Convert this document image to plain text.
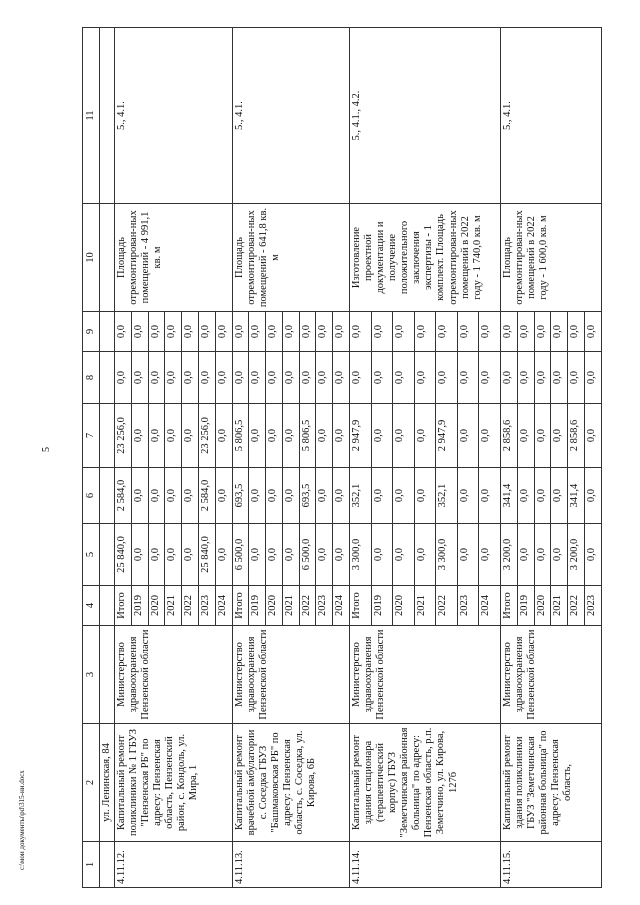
5
c:\мои документы\pd\315-ни.docx	1	2	3	4	5	6	7	8	9	10	11
	ул. Ленинская, 84									
4.11.12.	Капитальный ремонт поликлиники № 1 ГБУЗ "Пензенская РБ" по адресу: Пензенская область, Пензенский район, с. Кондоль, ул. Мира, 1	Министерство здравоохранения Пензенской области	Итого	25 840,0	2 584,0	23 256,0	0,0	0,0	Площадь отремонтирован-ных помещений - 4 991,1 кв. м	5., 4.1.
			2019	0,0	0,0	0,0	0,0	0,0		
			2020	0,0	0,0	0,0	0,0	0,0		
			2021	0,0	0,0	0,0	0,0	0,0		
			2022	0,0	0,0	0,0	0,0	0,0		
			2023	25 840,0	2 584,0	23 256,0	0,0	0,0		
			2024	0,0	0,0	0,0	0,0	0,0		
4.11.13.	Капитальный ремонт врачебной амбулатории с. Соседка ГБУЗ "Башмаковская РБ" по адресу: Пензенская область, с. Соседка, ул. Кирова, 6Б	Министерство здравоохранения Пензенской области	Итого	6 500,0	693,5	5 806,5	0,0	0,0	Площадь отремонтирован-ных помещений - 641,8 кв. м	5., 4.1.
			2019	0,0	0,0	0,0	0,0	0,0		
			2020	0,0	0,0	0,0	0,0	0,0		
			2021	0,0	0,0	0,0	0,0	0,0		
			2022	6 500,0	693,5	5 806,5	0,0	0,0		
			2023	0,0	0,0	0,0	0,0	0,0		
			2024	0,0	0,0	0,0	0,0	0,0		
4.11.14.	Капитальный ремонт здания стационара (терапевтический корпус) ГБУЗ "Земетчинская районная больница" по адресу: Пензенская область, р.п. Земетчино, ул. Кирова, 127б	Министерство здравоохранения Пензенской области	Итого	3 300,0	352,1	2 947,9	0,0	0,0	Изготовление проектной документации и получение положительного заключения экспертизы - 1 комплект. Площадь отремонтирован-ных помещений в 2022 году - 1 740,0 кв. м	5., 4.1., 4.2.
			2019	0,0	0,0	0,0	0,0	0,0		
			2020	0,0	0,0	0,0	0,0	0,0		
			2021	0,0	0,0	0,0	0,0	0,0		
			2022	3 300,0	352,1	2 947,9	0,0	0,0		
			2023	0,0	0,0	0,0	0,0	0,0		
			2024	0,0	0,0	0,0	0,0	0,0		
4.11.15.	Капитальный ремонт здания поликлиники ГБУЗ "Земетчинская районная больница" по адресу: Пензенская область,	Министерство здравоохранения Пензенской области	Итого	3 200,0	341,4	2 858,6	0,0	0,0	Площадь отремонтирован-ных помещений в 2022 году - 1 600,0 кв. м	5., 4.1.
			2019	0,0	0,0	0,0	0,0	0,0		
			2020	0,0	0,0	0,0	0,0	0,0		
			2021	0,0	0,0	0,0	0,0	0,0		
			2022	3 200,0	341,4	2 858,6	0,0	0,0		
			2023	0,0	0,0	0,0	0,0	0,0		
